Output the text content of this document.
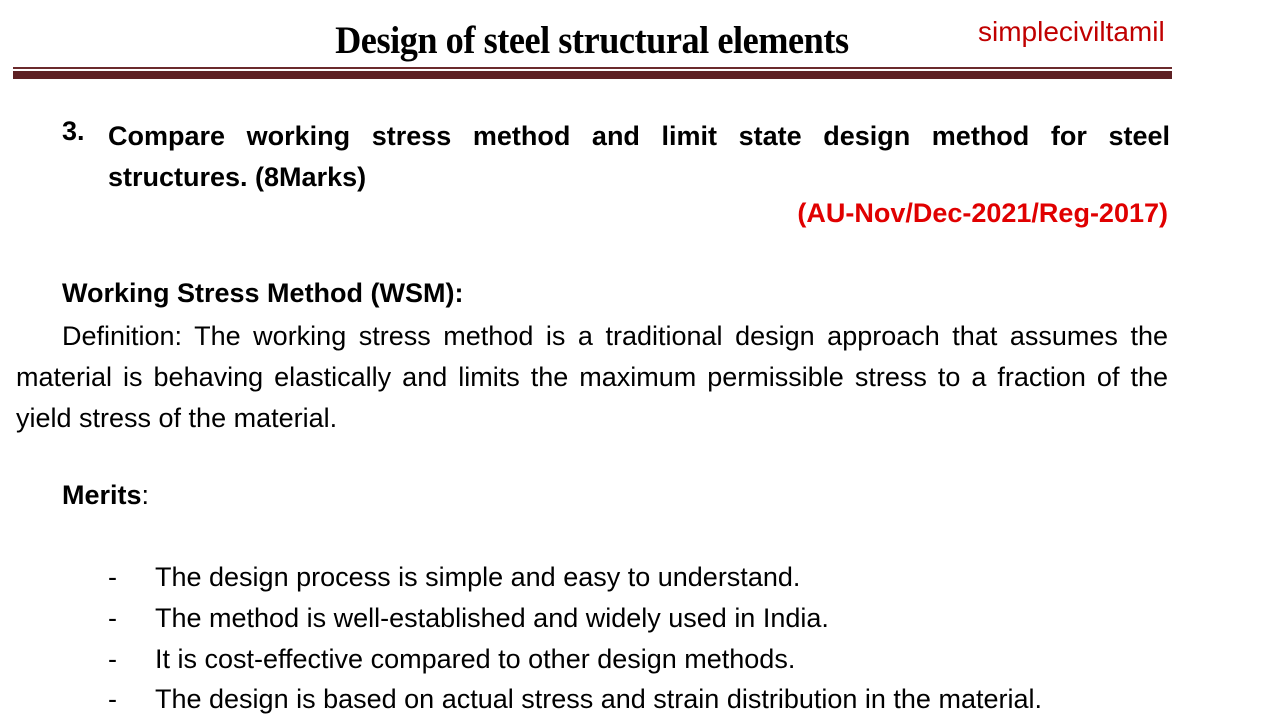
Design of steel structural elements	simpleciviltamil
3. Compare working stress method and limit state design method for steel structures. (8Marks)
(AU-Nov/Dec-2021/Reg-2017)
Working Stress Method (WSM):
Definition: The working stress method is a traditional design approach that assumes the material is behaving elastically and limits the maximum permissible stress to a fraction of the yield stress of the material.
Merits:
- The design process is simple and easy to understand.
- The method is well-established and widely used in India.
- It is cost-effective compared to other design methods.
- The design is based on actual stress and strain distribution in the material.
